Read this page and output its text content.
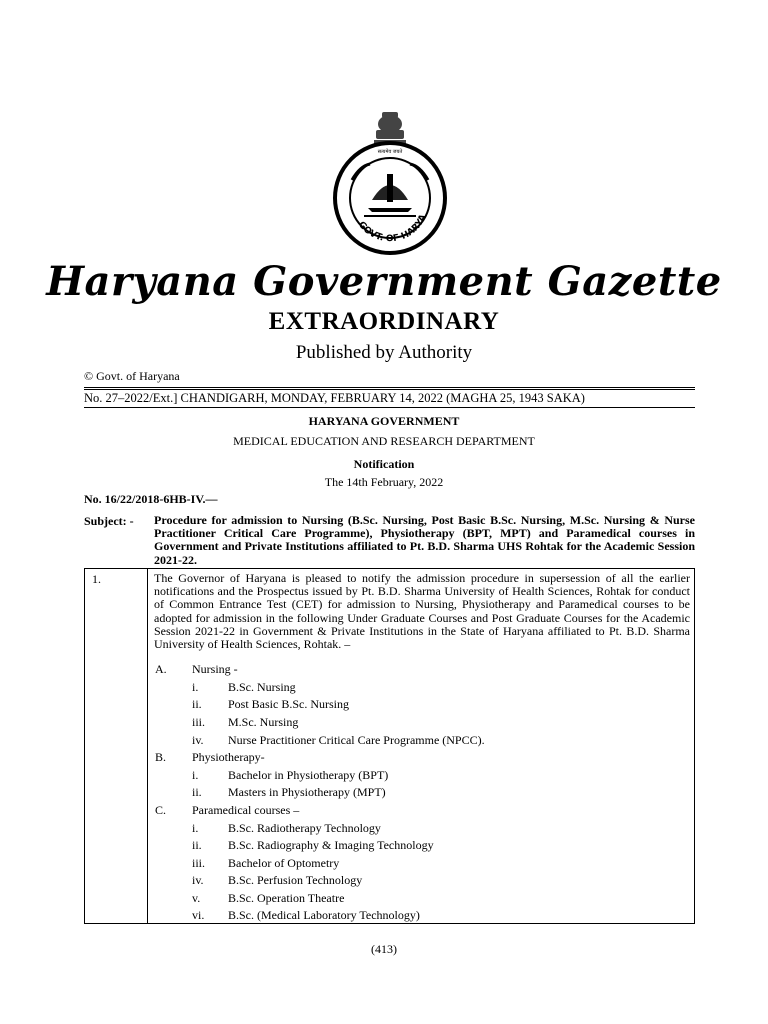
सत्यमेव जयते
GOVT. OF HARYA
Haryana Government Gazette
EXTRAORDINARY
Published by Authority
© Govt. of Haryana
No. 27–2022/Ext.] CHANDIGARH, MONDAY, FEBRUARY 14, 2022 (MAGHA 25, 1943 SAKA)
HARYANA GOVERNMENT
MEDICAL EDUCATION AND RESEARCH DEPARTMENT
Notification
The 14th February, 2022
No. 16/22/2018-6HB-IV.—
Subject: - Procedure for admission to Nursing (B.Sc. Nursing, Post Basic B.Sc. Nursing, M.Sc. Nursing & Nurse Practitioner Critical Care Programme), Physiotherapy (BPT, MPT) and Paramedical courses in Government and Private Institutions affiliated to Pt. B.D. Sharma UHS Rohtak for the Academic Session 2021-22.
1.	The Governor of Haryana is pleased to notify the admission procedure in supersession of all the earlier notifications and the Prospectus issued by Pt. B.D. Sharma University of Health Sciences, Rohtak for conduct of Common Entrance Test (CET) for admission to Nursing, Physiotherapy and Paramedical courses to be adopted for admission in the following Under Graduate Courses and Post Graduate Courses for the Academic Session 2021-22 in Government & Private Institutions in the State of Haryana affiliated to Pt. B.D. Sharma University of Health Sciences, Rohtak. –
A. Nursing -
i. B.Sc. Nursing
ii. Post Basic B.Sc. Nursing
iii. M.Sc. Nursing
iv. Nurse Practitioner Critical Care Programme (NPCC).
B. Physiotherapy-
i. Bachelor in Physiotherapy (BPT)
ii. Masters in Physiotherapy (MPT)
C. Paramedical courses –
i. B.Sc. Radiotherapy Technology
ii. B.Sc. Radiography & Imaging Technology
iii. Bachelor of Optometry
iv. B.Sc. Perfusion Technology
v. B.Sc. Operation Theatre
vi. B.Sc. (Medical Laboratory Technology)
(413)
